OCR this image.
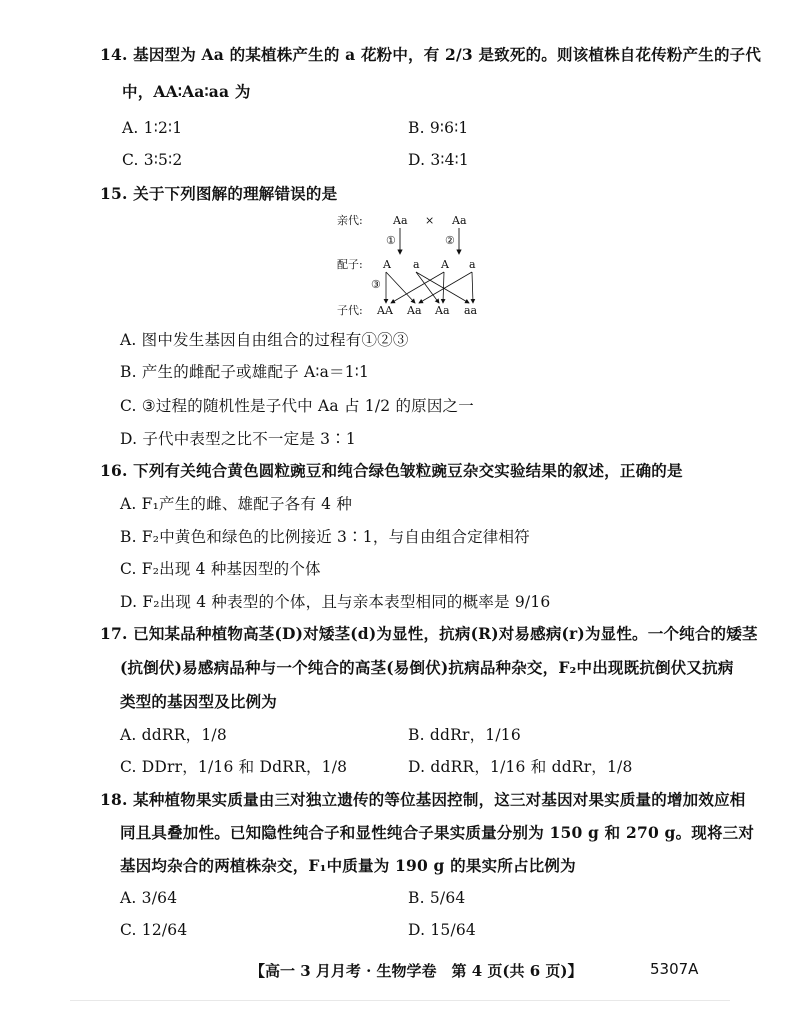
14. 基因型为 Aa 的某植株产生的 a 花粉中，有 2/3 是致死的。则该植株自花传粉产生的子代
中，AA∶Aa∶aa 为
A. 1∶2∶1	B. 9∶6∶1
C. 3∶5∶2	D. 3∶4∶1
15. 关于下列图解的理解错误的是
亲代:	Aa × Aa
①	②
配子: A a A a
③
子代: AA Aa Aa aa
A. 图中发生基因自由组合的过程有①②③
B. 产生的雌配子或雄配子 A∶a＝1∶1
C. ③过程的随机性是子代中 Aa 占 1/2 的原因之一
D. 子代中表型之比不一定是 3∶1
16. 下列有关纯合黄色圆粒豌豆和纯合绿色皱粒豌豆杂交实验结果的叙述，正确的是
A. F₁产生的雌、雄配子各有 4 种
B. F₂中黄色和绿色的比例接近 3∶1，与自由组合定律相符
C. F₂出现 4 种基因型的个体
D. F₂出现 4 种表型的个体，且与亲本表型相同的概率是 9/16
17. 已知某品种植物高茎(D)对矮茎(d)为显性，抗病(R)对易感病(r)为显性。一个纯合的矮茎
(抗倒伏)易感病品种与一个纯合的高茎(易倒伏)抗病品种杂交，F₂中出现既抗倒伏又抗病
类型的基因型及比例为
A. ddRR，1/8	B. ddRr，1/16
C. DDrr，1/16 和 DdRR，1/8	D. ddRR，1/16 和 ddRr，1/8
18. 某种植物果实质量由三对独立遗传的等位基因控制，这三对基因对果实质量的增加效应相
同且具叠加性。已知隐性纯合子和显性纯合子果实质量分别为 150 g 和 270 g。现将三对
基因均杂合的两植株杂交，F₁中质量为 190 g 的果实所占比例为
A. 3/64	B. 5/64
C. 12/64	D. 15/64
【高一 3 月月考 · 生物学卷　第 4 页(共 6 页)】	5307A
